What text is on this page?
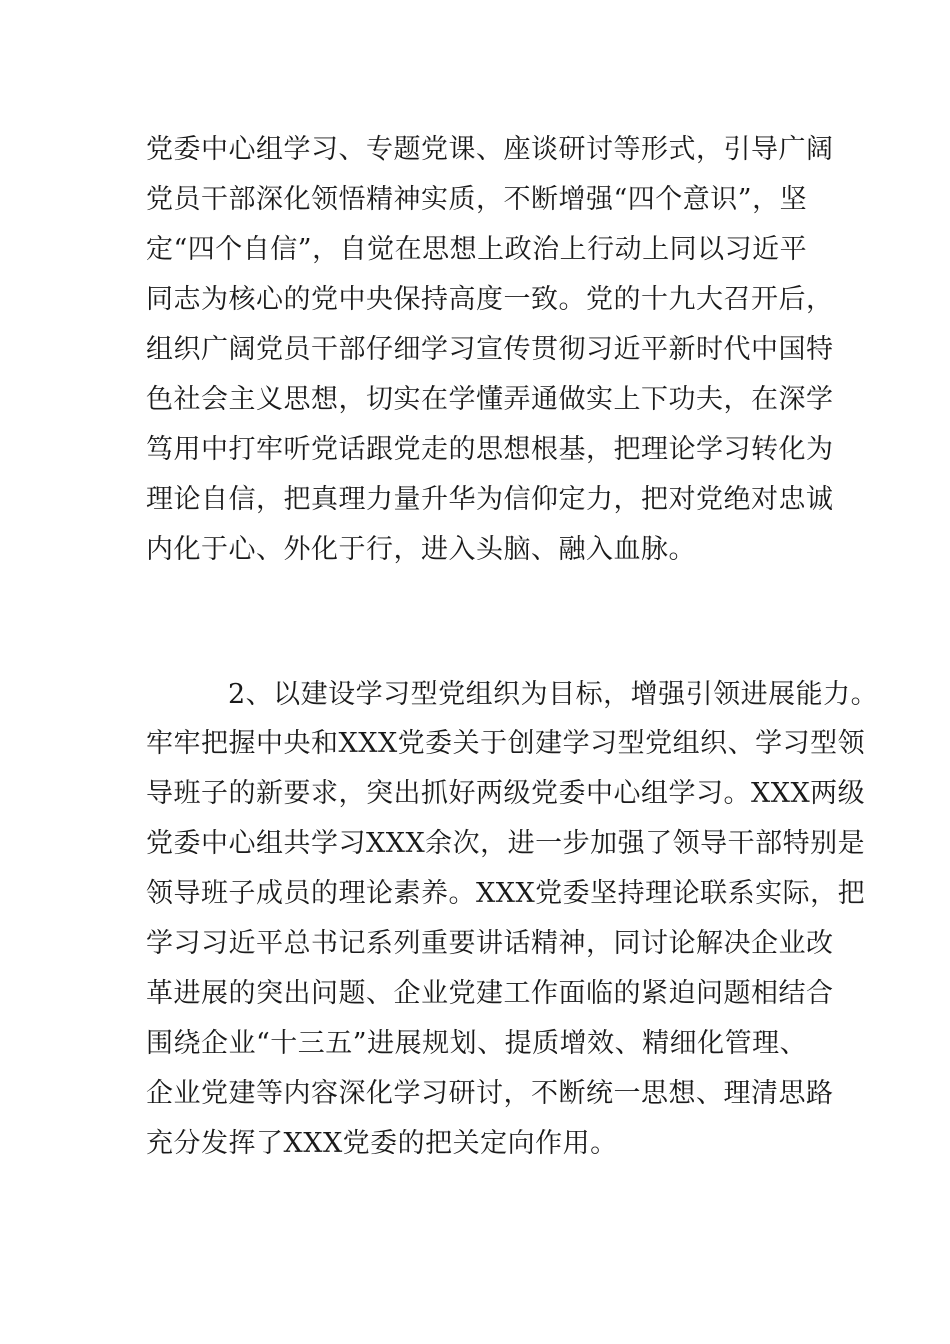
党委中心组学习、专题党课、座谈研讨等形式，引导广阔
党员干部深化领悟精神实质，不断增强“四个意识”，坚
定“四个自信”，自觉在思想上政治上行动上同以习近平
同志为核心的党中央保持高度一致。党的十九大召开后，
组织广阔党员干部仔细学习宣传贯彻习近平新时代中国特
色社会主义思想，切实在学懂弄通做实上下功夫，在深学
笃用中打牢听党话跟党走的思想根基，把理论学习转化为
理论自信，把真理力量升华为信仰定力，把对党绝对忠诚
内化于心、外化于行，进入头脑、融入血脉。
2、以建设学习型党组织为目标，增强引领进展能力。
牢牢把握中央和XXX党委关于创建学习型党组织、学习型领
导班子的新要求，突出抓好两级党委中心组学习。XXX两级
党委中心组共学习XXX余次，进一步加强了领导干部特别是
领导班子成员的理论素养。XXX党委坚持理论联系实际，把
学习习近平总书记系列重要讲话精神，同讨论解决企业改
革进展的突出问题、企业党建工作面临的紧迫问题相结合
围绕企业“十三五”进展规划、提质增效、精细化管理、
企业党建等内容深化学习研讨，不断统一思想、理清思路
充分发挥了XXX党委的把关定向作用。
